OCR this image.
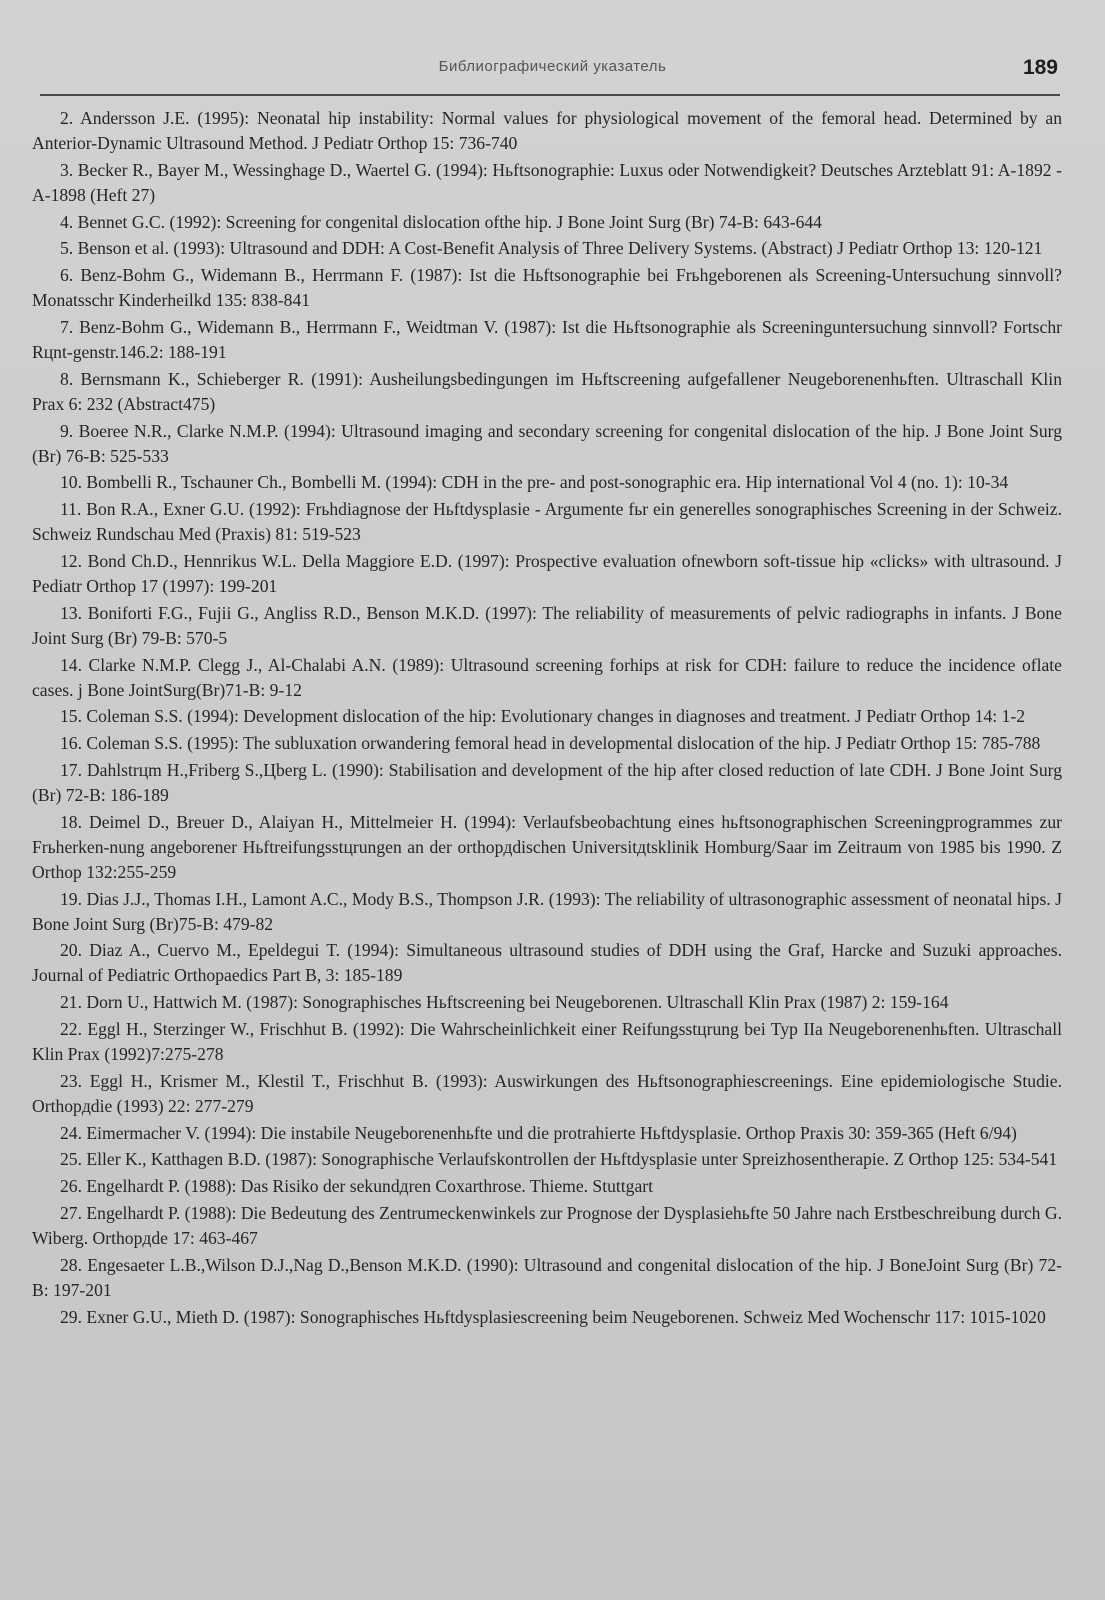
Библиографический указатель	189
2. Andersson J.E. (1995): Neonatal hip instability: Normal values for physiological movement of the femoral head. Determined by an Anterior-Dynamic Ultrasound Method. J Pediatr Orthop 15: 736-740
3. Becker R., Bayer M., Wessinghage D., Waertel G. (1994): Hьftsonographie: Luxus oder Notwendigkeit? Deutsches Arzteblatt 91: A-1892 - A-1898 (Heft 27)
4. Bennet G.C. (1992): Screening for congenital dislocation ofthe hip. J Bone Joint Surg (Br) 74-B: 643-644
5. Benson et al. (1993): Ultrasound and DDH: A Cost-Benefit Analysis of Three Delivery Systems. (Abstract) J Pediatr Orthop 13: 120-121
6. Benz-Bohm G., Widemann B., Herrmann F. (1987): Ist die Hьftsonographie bei Frьhgeborenen als Screening-Untersuchung sinnvoll? Monatsschr Kinderheilkd 135: 838-841
7. Benz-Bohm G., Widemann B., Herrmann F., Weidtman V. (1987): Ist die Hьftsonographie als Screeninguntersuchung sinnvoll? Fortschr Rцnt-genstr.146.2: 188-191
8. Bernsmann K., Schieberger R. (1991): Ausheilungsbedingungen im Hьftscreening aufgefallener Neugeborenenhьften. Ultraschall Klin Prax 6: 232 (Abstract475)
9. Boeree N.R., Clarke N.M.P. (1994): Ultrasound imaging and secondary screening for congenital dislocation of the hip. J Bone Joint Surg (Br) 76-B: 525-533
10. Bombelli R., Tschauner Ch., Bombelli M. (1994): CDH in the pre- and post-sonographic era. Hip international Vol 4 (no. 1): 10-34
11. Bon R.A., Exner G.U. (1992): Frьhdiagnose der Hьftdysplasie - Argumente fьr ein generelles sonographisches Screening in der Schweiz. Schweiz Rundschau Med (Praxis) 81: 519-523
12. Bond Ch.D., Hennrikus W.L. Della Maggiore E.D. (1997): Prospective evaluation ofnewborn soft-tissue hip «clicks» with ultrasound. J Pediatr Orthop 17 (1997): 199-201
13. Boniforti F.G., Fujii G., Angliss R.D., Benson M.K.D. (1997): The reliability of measurements of pelvic radiographs in infants. J Bone Joint Surg (Br) 79-B: 570-5
14. Clarke N.M.P. Clegg J., Al-Chalabi A.N. (1989): Ultrasound screening forhips at risk for CDH: failure to reduce the incidence oflate cases. j Bone JointSurg(Br)71-B: 9-12
15. Coleman S.S. (1994): Development dislocation of the hip: Evolutionary changes in diagnoses and treatment. J Pediatr Orthop 14: 1-2
16. Coleman S.S. (1995): The subluxation orwandering femoral head in developmental dislocation of the hip. J Pediatr Orthop 15: 785-788
17. Dahlstrцm H.,Friberg S.,Цberg L. (1990): Stabilisation and development of the hip after closed reduction of late CDH. J Bone Joint Surg (Br) 72-B: 186-189
18. Deimel D., Breuer D., Alaiyan H., Mittelmeier H. (1994): Verlaufsbeobachtung eines hьftsonographischen Screeningprogrammes zur Frьherken-nung angeborener Hьftreifungsstцrungen an der orthopдdischen Universitдtsklinik Homburg/Saar im Zeitraum von 1985 bis 1990. Z Orthop 132:255-259
19. Dias J.J., Thomas I.H., Lamont A.C., Mody B.S., Thompson J.R. (1993): The reliability of ultrasonographic assessment of neonatal hips. J Bone Joint Surg (Br)75-B: 479-82
20. Diaz A., Cuervo M., Epeldegui T. (1994): Simultaneous ultrasound studies of DDH using the Graf, Harcke and Suzuki approaches. Journal of Pediatric Orthopaedics Part B, 3: 185-189
21. Dorn U., Hattwich M. (1987): Sonographisches Hьftscreening bei Neugeborenen. Ultraschall Klin Prax (1987) 2: 159-164
22. Eggl H., Sterzinger W., Frischhut B. (1992): Die Wahrscheinlichkeit einer Reifungsstцrung bei Typ IIa Neugeborenenhьften. Ultraschall Klin Prax (1992)7:275-278
23. Eggl H., Krismer M., Klestil T., Frischhut B. (1993): Auswirkungen des Hьftsonographiescreenings. Eine epidemiologische Studie. Orthopдdie (1993) 22: 277-279
24. Eimermacher V. (1994): Die instabile Neugeborenenhьfte und die protrahierte Hьftdysplasie. Orthop Praxis 30: 359-365 (Heft 6/94)
25. Eller K., Katthagen B.D. (1987): Sonographische Verlaufskontrollen der Hьftdysplasie unter Spreizhosentherapie. Z Orthop 125: 534-541
26. Engelhardt P. (1988): Das Risiko der sekundдren Coxarthrose. Thieme. Stuttgart
27. Engelhardt P. (1988): Die Bedeutung des Zentrumeckenwinkels zur Prognose der Dysplasiehьfte 50 Jahre nach Erstbeschreibung durch G. Wiberg. Orthopдde 17: 463-467
28. Engesaeter L.B.,Wilson D.J.,Nag D.,Benson M.K.D. (1990): Ultrasound and congenital dislocation of the hip. J BoneJoint Surg (Br) 72-B: 197-201
29. Exner G.U., Mieth D. (1987): Sonographisches Hьftdysplasiescreening beim Neugeborenen. Schweiz Med Wochenschr 117: 1015-1020
